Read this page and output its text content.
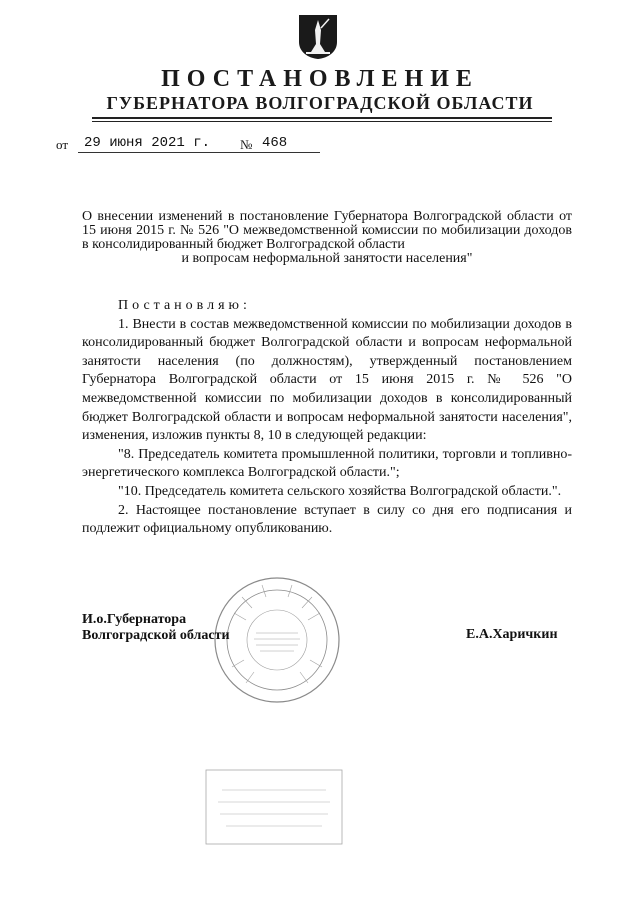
ПОСТАНОВЛЕНИЕ
ГУБЕРНАТОРА ВОЛГОГРАДСКОЙ ОБЛАСТИ
от 29 июня 2021 г. № 468
О внесении изменений в постановление Губернатора Волгоградской области от 15 июня 2015 г. № 526 "О межведомственной комиссии по мобилизации доходов в консолидированный бюджет Волгоградской области
и вопросам неформальной занятости населения"

Постановляю:

1. Внести в состав межведомственной комиссии по мобилизации доходов в консолидированный бюджет Волгоградской области и вопросам неформальной занятости населения (по должностям), утвержденный постановлением Губернатора Волгоградской области от 15 июня 2015 г. № 526 "О межведомственной комиссии по мобилизации доходов в консолидированный бюджет Волгоградской области и вопросам неформальной занятости населения", изменения, изложив пункты 8, 10 в следующей редакции:

"8. Председатель комитета промышленной политики, торговли и топливно-энергетического комплекса Волгоградской области.";

"10. Председатель комитета сельского хозяйства Волгоградской области.".

2. Настоящее постановление вступает в силу со дня его подписания и подлежит официальному опубликованию.

И.о.Губернатора
Волгоградской области	Е.А.Харичкин
